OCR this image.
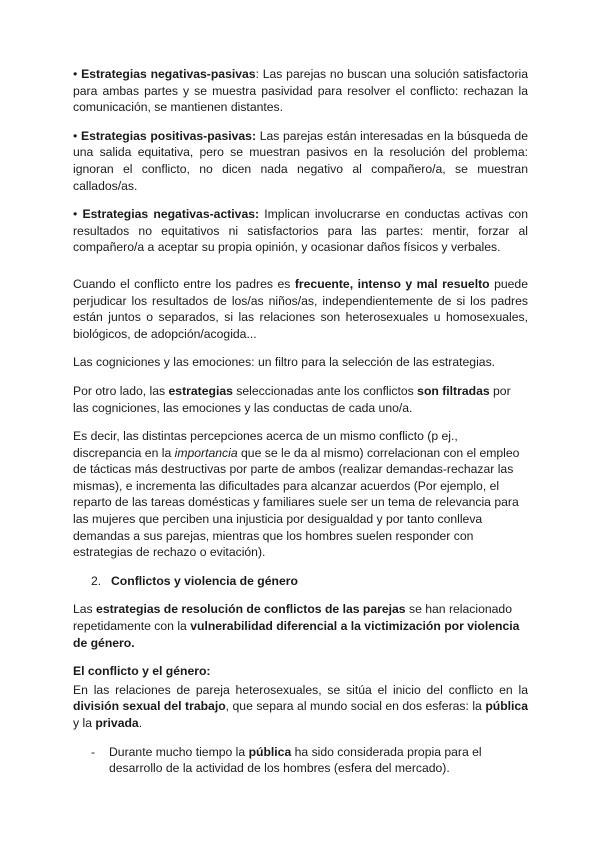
• Estrategias negativas-pasivas: Las parejas no buscan una solución satisfactoria para ambas partes y se muestra pasividad para resolver el conflicto: rechazan la comunicación, se mantienen distantes.

• Estrategias positivas-pasivas: Las parejas están interesadas en la búsqueda de una salida equitativa, pero se muestran pasivos en la resolución del problema: ignoran el conflicto, no dicen nada negativo al compañero/a, se muestran callados/as.

• Estrategias negativas-activas: Implican involucrarse en conductas activas con resultados no equitativos ni satisfactorios para las partes: mentir, forzar al compañero/a a aceptar su propia opinión, y ocasionar daños físicos y verbales.

Cuando el conflicto entre los padres es frecuente, intenso y mal resuelto puede perjudicar los resultados de los/as niños/as, independientemente de si los padres están juntos o separados, si las relaciones son heterosexuales u homosexuales, biológicos, de adopción/acogida...

Las cogniciones y las emociones: un filtro para la selección de las estrategias.

Por otro lado, las estrategias seleccionadas ante los conflictos son filtradas por las cogniciones, las emociones y las conductas de cada uno/a.

Es decir, las distintas percepciones acerca de un mismo conflicto (p ej., discrepancia en la importancia que se le da al mismo) correlacionan con el empleo de tácticas más destructivas por parte de ambos (realizar demandas-rechazar las mismas), e incrementa las dificultades para alcanzar acuerdos (Por ejemplo, el reparto de las tareas domésticas y familiares suele ser un tema de relevancia para las mujeres que perciben una injusticia por desigualdad y por tanto conlleva demandas a sus parejas, mientras que los hombres suelen responder con estrategias de rechazo o evitación).

2. Conflictos y violencia de género

Las estrategias de resolución de conflictos de las parejas se han relacionado repetidamente con la vulnerabilidad diferencial a la victimización por violencia de género.

El conflicto y el género:

En las relaciones de pareja heterosexuales, se sitúa el inicio del conflicto en la división sexual del trabajo, que separa al mundo social en dos esferas: la pública y la privada.

-	Durante mucho tiempo la pública ha sido considerada propia para el desarrollo de la actividad de los hombres (esfera del mercado).
